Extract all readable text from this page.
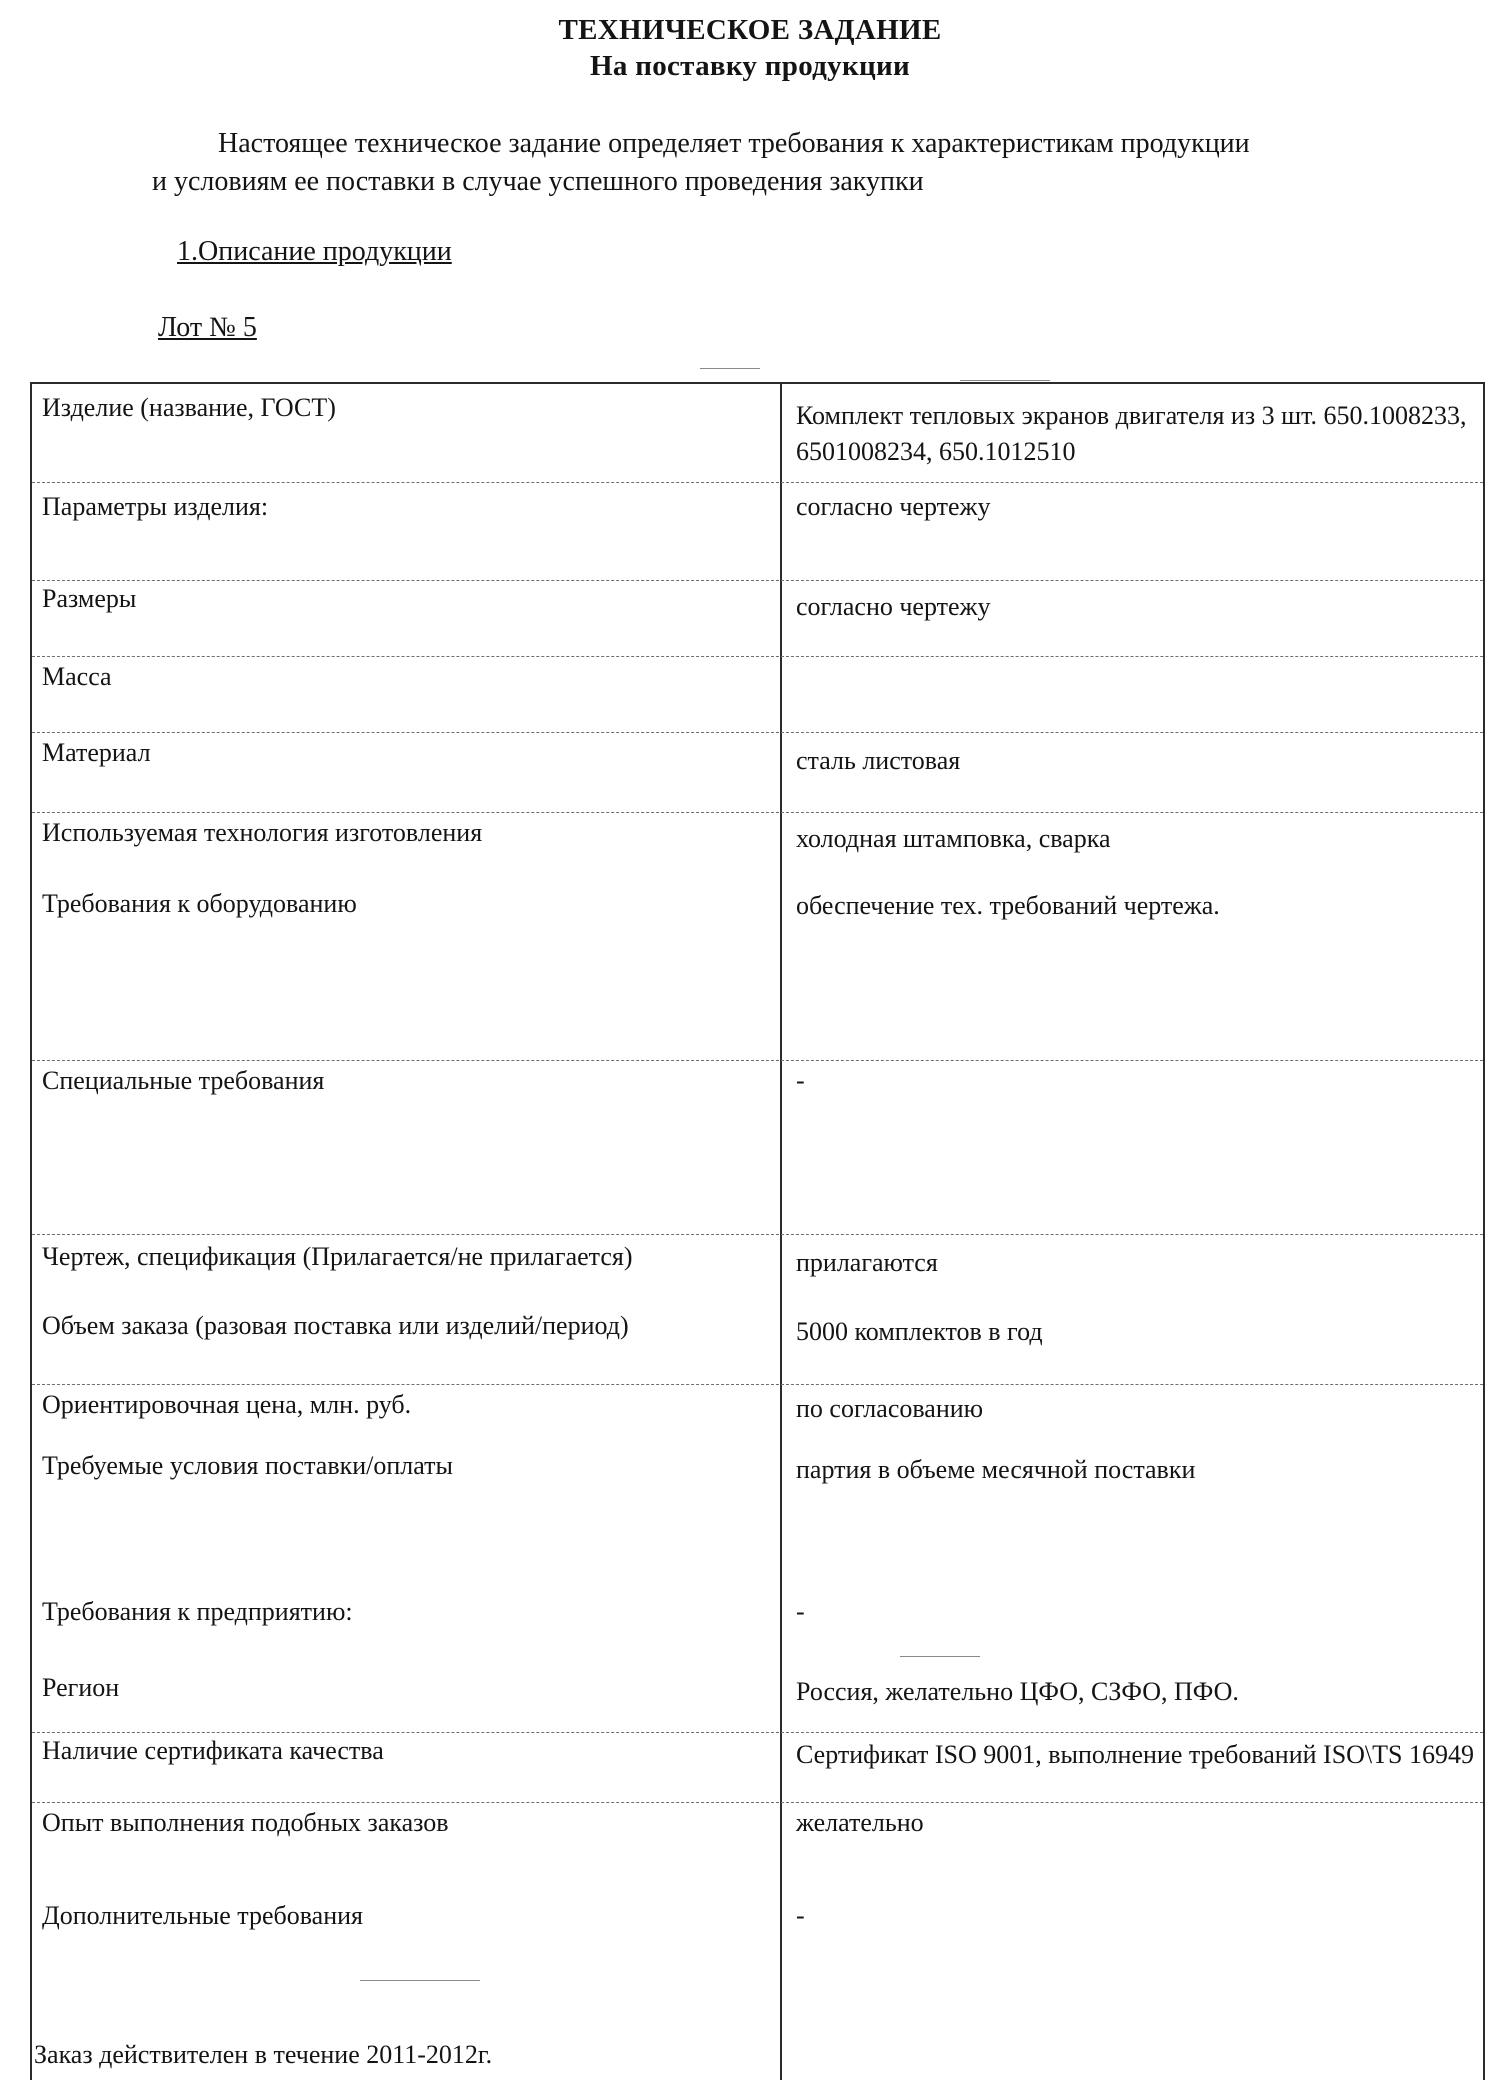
ТЕХНИЧЕСКОЕ ЗАДАНИЕ
На поставку продукции
Настоящее техническое задание определяет требования к характеристикам продукции
и условиям ее поставки в случае успешного проведения закупки
1.Описание продукции
Лот № 5
Изделие (название, ГОСТ)	Комплект тепловых экранов двигателя из 3 шт. 650.1008233, 6501008234, 650.1012510
Параметры изделия:	согласно чертежу
Размеры	согласно чертежу
Масса
Материал	сталь листовая
Используемая технология изготовления	холодная штамповка, сварка
Требования к оборудованию	обеспечение тех. требований чертежа.
Специальные требования	-
Чертеж, спецификация (Прилагается/не прилагается)	прилагаются
Объем заказа (разовая поставка или изделий/период)	5000 комплектов в год
Ориентировочная цена, млн. руб.	по согласованию
Требуемые условия поставки/оплаты	партия в объеме месячной поставки
Требования к предприятию:	-
Регион	Россия, желательно ЦФО, СЗФО, ПФО.
Наличие сертификата качества	Сертификат ISO 9001, выполнение требований ISO\TS 16949
Опыт выполнения подобных заказов	желательно
Дополнительные требования	-
Заказ действителен в течение 2011-2012г.
